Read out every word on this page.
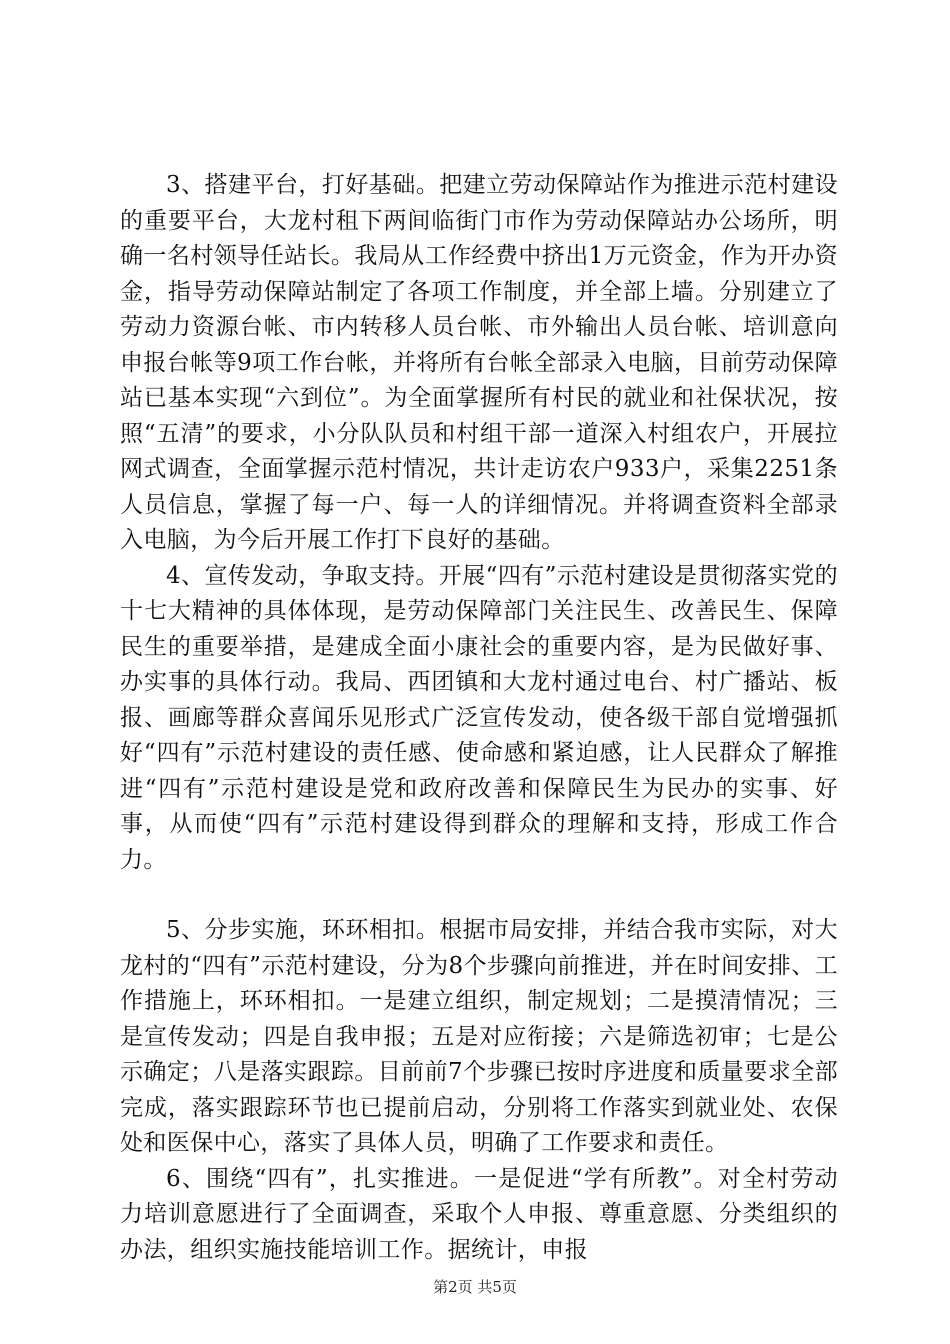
3、搭建平台，打好基础。把建立劳动保障站作为推进示范村建设的重要平台，大龙村租下两间临街门市作为劳动保障站办公场所，明确一名村领导任站长。我局从工作经费中挤出1万元资金，作为开办资金，指导劳动保障站制定了各项工作制度，并全部上墙。分别建立了劳动力资源台帐、市内转移人员台帐、市外输出人员台帐、培训意向申报台帐等9项工作台帐，并将所有台帐全部录入电脑，目前劳动保障站已基本实现“六到位”。为全面掌握所有村民的就业和社保状况，按照“五清”的要求，小分队队员和村组干部一道深入村组农户，开展拉网式调查，全面掌握示范村情况，共计走访农户933户，采集2251条人员信息，掌握了每一户、每一人的详细情况。并将调查资料全部录入电脑，为今后开展工作打下良好的基础。

4、宣传发动，争取支持。开展“四有”示范村建设是贯彻落实党的十七大精神的具体体现，是劳动保障部门关注民生、改善民生、保障民生的重要举措，是建成全面小康社会的重要内容，是为民做好事、办实事的具体行动。我局、西团镇和大龙村通过电台、村广播站、板报、画廊等群众喜闻乐见形式广泛宣传发动，使各级干部自觉增强抓好“四有”示范村建设的责任感、使命感和紧迫感，让人民群众了解推进“四有”示范村建设是党和政府改善和保障民生为民办的实事、好事，从而使“四有”示范村建设得到群众的理解和支持，形成工作合力。

5、分步实施，环环相扣。根据市局安排，并结合我市实际，对大龙村的“四有”示范村建设，分为8个步骤向前推进，并在时间安排、工作措施上，环环相扣。一是建立组织，制定规划；二是摸清情况；三是宣传发动；四是自我申报；五是对应衔接；六是筛选初审；七是公示确定；八是落实跟踪。目前前7个步骤已按时序进度和质量要求全部完成，落实跟踪环节也已提前启动，分别将工作落实到就业处、农保处和医保中心，落实了具体人员，明确了工作要求和责任。

6、围绕“四有”，扎实推进。一是促进“学有所教”。对全村劳动力培训意愿进行了全面调查，采取个人申报、尊重意愿、分类组织的办法，组织实施技能培训工作。据统计，申报

第2页 共5页
